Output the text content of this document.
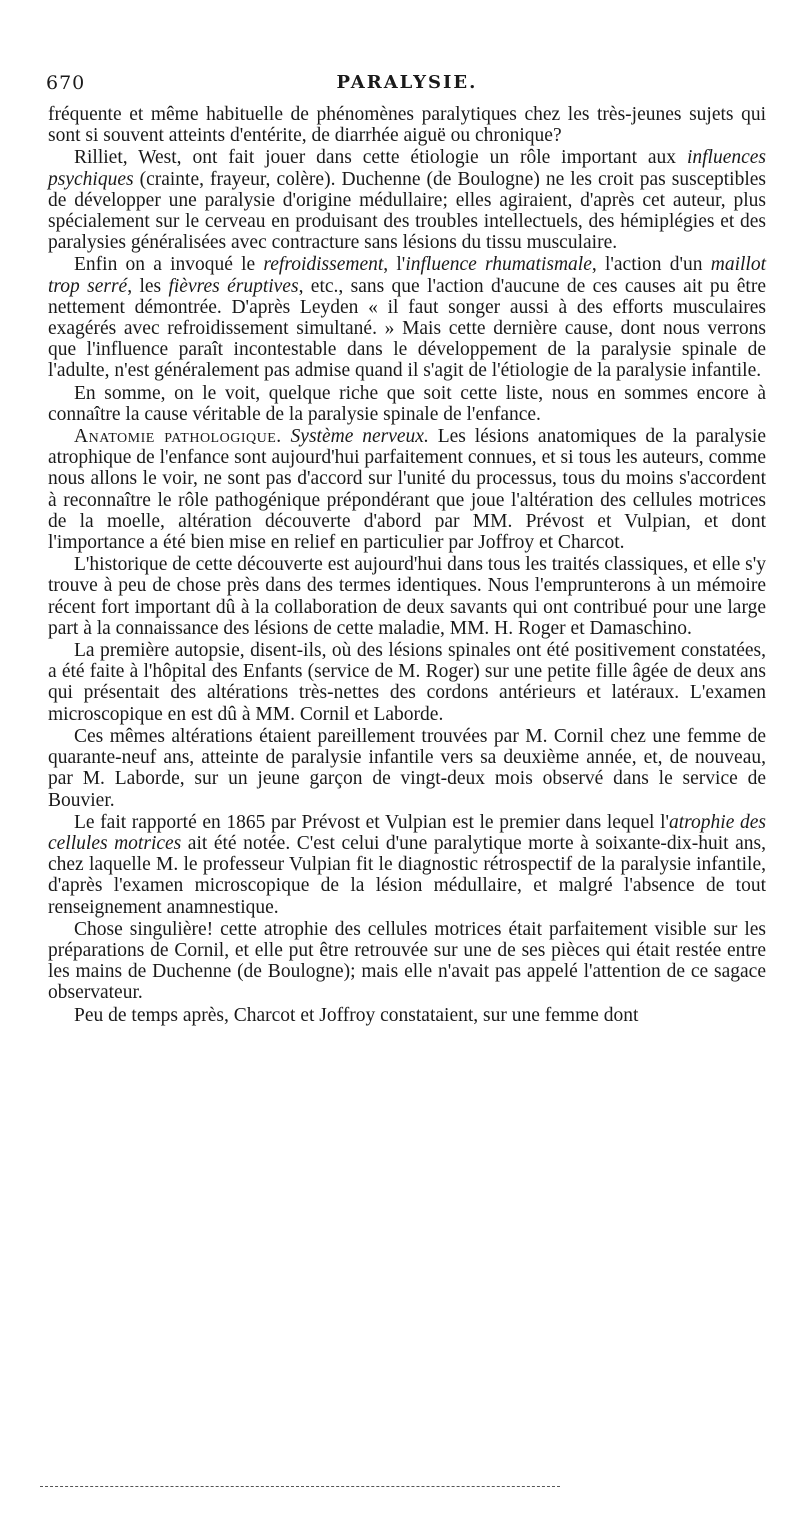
670	PARALYSIE.

fréquente et même habituelle de phénomènes paralytiques chez les très-jeunes sujets qui sont si souvent atteints d'entérite, de diarrhée aiguë ou chronique?

Rilliet, West, ont fait jouer dans cette étiologie un rôle important aux influences psychiques (crainte, frayeur, colère). Duchenne (de Boulogne) ne les croit pas susceptibles de développer une paralysie d'origine médullaire; elles agiraient, d'après cet auteur, plus spécialement sur le cerveau en produisant des troubles intellectuels, des hémiplégies et des paralysies généralisées avec contracture sans lésions du tissu musculaire.

Enfin on a invoqué le refroidissement, l'influence rhumatismale, l'action d'un maillot trop serré, les fièvres éruptives, etc., sans que l'action d'aucune de ces causes ait pu être nettement démontrée. D'après Leyden « il faut songer aussi à des efforts musculaires exagérés avec refroidissement simultané. » Mais cette dernière cause, dont nous verrons que l'influence paraît incontestable dans le développement de la paralysie spinale de l'adulte, n'est généralement pas admise quand il s'agit de l'étiologie de la paralysie infantile.

En somme, on le voit, quelque riche que soit cette liste, nous en sommes encore à connaître la cause véritable de la paralysie spinale de l'enfance.

Anatomie pathologique. Système nerveux. Les lésions anatomiques de la paralysie atrophique de l'enfance sont aujourd'hui parfaitement connues, et si tous les auteurs, comme nous allons le voir, ne sont pas d'accord sur l'unité du processus, tous du moins s'accordent à reconnaître le rôle pathogénique prépondérant que joue l'altération des cellules motrices de la moelle, altération découverte d'abord par MM. Prévost et Vulpian, et dont l'importance a été bien mise en relief en particulier par Joffroy et Charcot.

L'historique de cette découverte est aujourd'hui dans tous les traités classiques, et elle s'y trouve à peu de chose près dans des termes identiques. Nous l'emprunterons à un mémoire récent fort important dû à la collaboration de deux savants qui ont contribué pour une large part à la connaissance des lésions de cette maladie, MM. H. Roger et Damaschino.

La première autopsie, disent-ils, où des lésions spinales ont été positivement constatées, a été faite à l'hôpital des Enfants (service de M. Roger) sur une petite fille âgée de deux ans qui présentait des altérations très-nettes des cordons antérieurs et latéraux. L'examen microscopique en est dû à MM. Cornil et Laborde.

Ces mêmes altérations étaient pareillement trouvées par M. Cornil chez une femme de quarante-neuf ans, atteinte de paralysie infantile vers sa deuxième année, et, de nouveau, par M. Laborde, sur un jeune garçon de vingt-deux mois observé dans le service de Bouvier.

Le fait rapporté en 1865 par Prévost et Vulpian est le premier dans lequel l'atrophie des cellules motrices ait été notée. C'est celui d'une paralytique morte à soixante-dix-huit ans, chez laquelle M. le professeur Vulpian fit le diagnostic rétrospectif de la paralysie infantile, d'après l'examen microscopique de la lésion médullaire, et malgré l'absence de tout renseignement anamnestique.

Chose singulière! cette atrophie des cellules motrices était parfaitement visible sur les préparations de Cornil, et elle put être retrouvée sur une de ses pièces qui était restée entre les mains de Duchenne (de Boulogne); mais elle n'avait pas appelé l'attention de ce sagace observateur.

Peu de temps après, Charcot et Joffroy constataient, sur une femme dont
